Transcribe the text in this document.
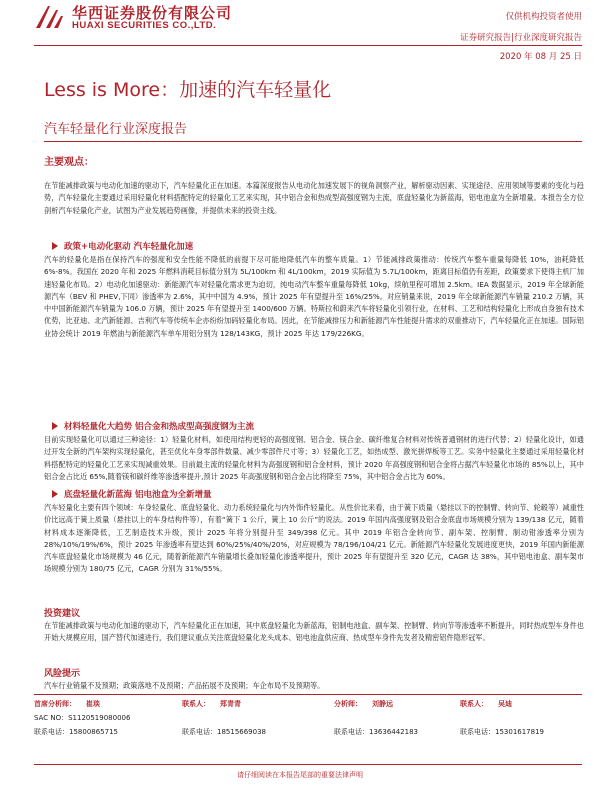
华西证券股份有限公司
HUAXI SECURITIES CO.,LTD.
仅供机构投资者使用
证券研究报告|行业深度研究报告
2020 年 08 月 25 日
Less is More：加速的汽车轻量化
汽车轻量化行业深度报告
主要观点：
在节能减排政策与电动化加速的驱动下，汽车轻量化正在加速。本篇深度报告从电动化加速发展下的视角洞察产业，解析驱动因素、实现途径、应用领域等要素的变化与趋势，汽车轻量化主要通过采用轻量化材料搭配特定的轻量化工艺来实现，其中铝合金和热成型高强度钢为主流，底盘轻量化为新蓝海，铝电池盒为全新增量。本报告全方位剖析汽车轻量化产业，试图为产业发展趋势画像，并提供未来的投资主线。
政策+电动化驱动 汽车轻量化加速
汽车的轻量化是指在保持汽车的强度和安全性能不降低的前提下尽可能地降低汽车的整车质量。1）节能减排政策推动：传统汽车整车重量每降低 10%，油耗降低 6%-8%。我国在 2020 年和 2025 年燃料消耗目标值分别为 5L/100km 和 4L/100km，2019 实际值为 5.7L/100km，距离目标值仍有差距，政策要求下使得主机厂加速轻量化布局。2）电动化加速驱动：新能源汽车对轻量化需求更为迫切，纯电动汽车整车重量每降低 10kg，续航里程可增加 2.5km。IEA 数据显示，2019 年全球新能源汽车（BEV 和 PHEV,下同）渗透率为 2.6%，其中中国为 4.9%，预计 2025 年有望提升至 16%/25%。对应销量来说，2019 年全球新能源汽车销量 210.2 万辆，其中中国新能源汽车销量为 106.0 万辆，预计 2025 年有望提升至 1400/600 万辆。特斯拉和蔚来汽车将轻量化引领行业，在材料、工艺和结构轻量化上形成自身独有技术优势，比亚迪、北汽新能源、吉利汽车等传统车企亦纷纷加码轻量化布局。因此，在节能减排压力和新能源汽车性能提升需求的双重推动下，汽车轻量化正在加速。国际铝业协会统计 2019 年燃油与新能源汽车单车用铝分别为 128/143KG，预计 2025 年达 179/226KG。
材料轻量化大趋势 铝合金和热成型高强度钢为主流
目前实现轻量化可以通过三种途径：1）轻量化材料，如使用结构更轻的高强度钢、铝合金、镁合金、碳纤维复合材料对传统普通钢材的进行代替；2）轻量化设计，如通过开发全新的汽车架构实现轻量化，甚至优化车身零部件数量、减少零部件尺寸等；3）轻量化工艺，如热成型、激光拼焊板等工艺。实务中轻量化主要通过采用轻量化材料搭配特定的轻量化工艺来实现减重效果。目前最主流的轻量化材料为高强度钢和铝合金材料，预计 2020 年高强度钢和铝合金将占据汽车轻量化市场的 85%以上，其中铝合金占比近 65%,随着镁和碳纤维等渗透率提升,预计 2025 年高强度钢和铝合金占比将降至 75%，其中铝合金占比为 60%。
底盘轻量化新蓝海 铝电池盒为全新增量
汽车轻量化主要有四个领域：车身轻量化、底盘轻量化、动力系统轻量化与内外饰件轻量化。从性价比来看，由于簧下质量（悬挂以下的控制臂、转向节、轮毂等）减重性价比远高于簧上质量（悬挂以上的车身结构件等），有着“簧下 1 公斤，簧上 10 公斤”的说法。2019 年国内高强度钢及铝合金底盘市场规模分别为 139/138 亿元，随着材料成本逐渐降低，工艺制造技术升级，预计 2025 年将分别提升至 349/398 亿元。其中 2019 年铝合金转向节、副车架、控制臂、制动钳渗透率分别为 28%/10%/19%/6%，预计 2025 年渗透率有望达到 60%/25%/40%/20%，对应规模为 78/196/104/21 亿元。新能源汽车轻量化发展进度更快，2019 年国内新能源汽车底盘轻量化市场规模为 46 亿元，随着新能源汽车销量增长叠加轻量化渗透率提升，预计 2025 年有望提升至 320 亿元，CAGR 达 38%，其中铝电池盒、副车架市场规模分别为 180/75 亿元，CAGR 分别为 31%/55%。
投资建议
在节能减排政策与电动化加速的驱动下，汽车轻量化正在加速，其中底盘轻量化为新蓝海，铝制电池盒、副车架、控制臂、转向节等渗透率不断提升，同时热成型车身件也开始大规模应用，国产替代加速进行，我们建议重点关注底盘轻量化龙头成本、铝电池盒供应商、热成型车身件先发者及精密铝件隐形冠军。
风险提示
汽车行业销量不及预期；政策落地不及预期；产品拓展不及预期；车企布局不及预期等。
首席分析师： 崔琰	联系人： 郑青青	分析师： 刘静远	联系人： 吴迪
SAC NO：S1120519080006
联系电话：15800865715	联系电话：18515669038	联系电话：13636442183	联系电话：15301617819
请仔细阅读在本报告尾部的重要法律声明
